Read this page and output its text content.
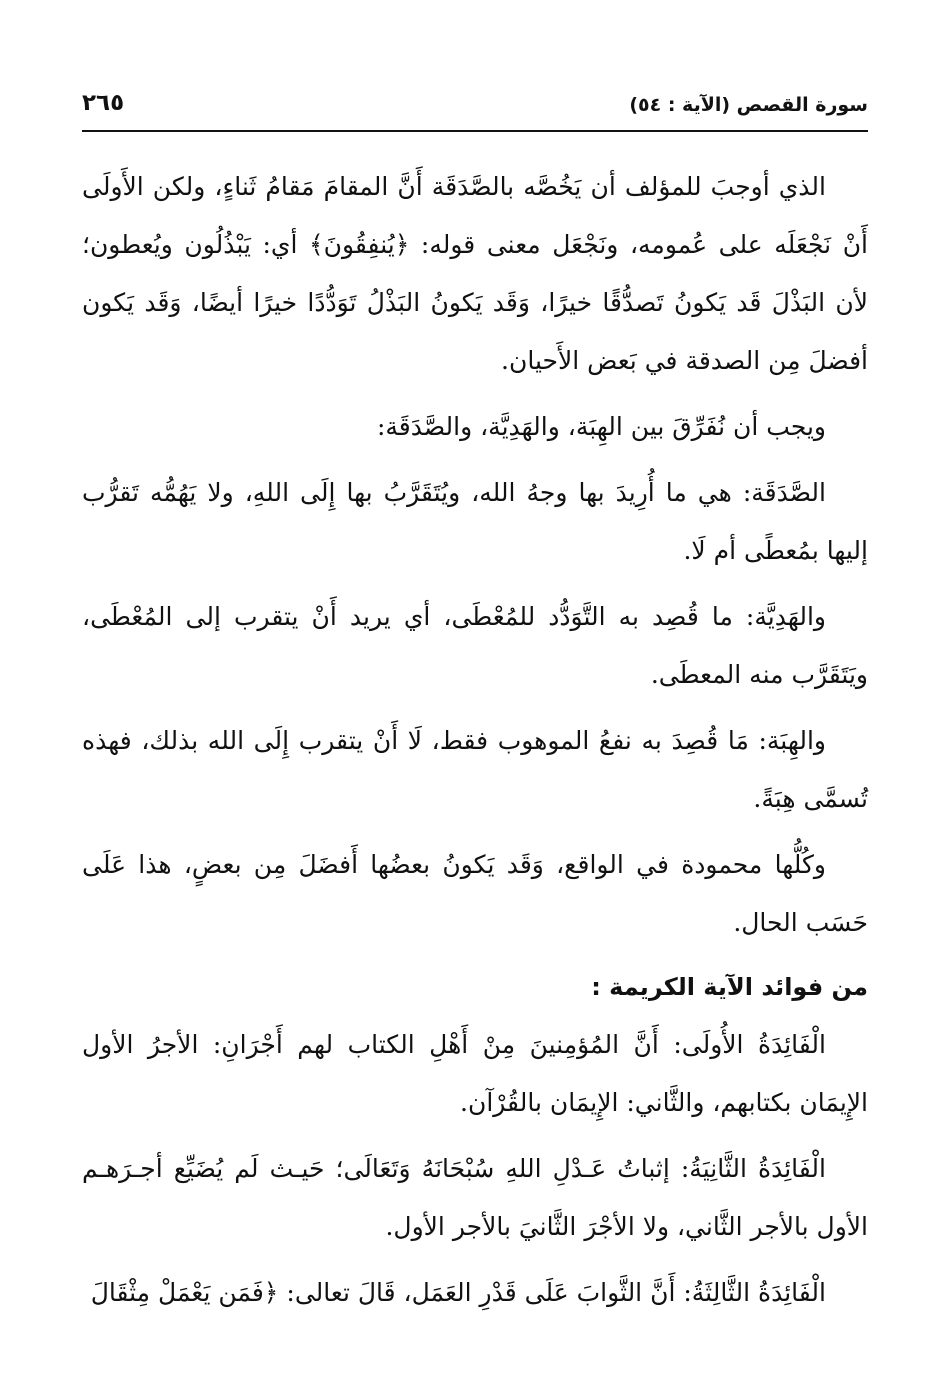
سورة القصص (الآية : ٥٤)
٢٦٥

الذي أوجبَ للمؤلف أن يَخُصَّه بالصَّدَقَة أَنَّ المقامَ مَقامُ ثَناءٍ، ولكن الأَولَى أَنْ نَجْعَلَه على عُمومه، ونَجْعَل معنى قوله: ﴿يُنفِقُونَ﴾ أي: يَبْذُلُون ويُعطون؛ لأن البَذْلَ قَد يَكونُ تَصدُّقًا خيرًا، وَقَد يَكونُ البَذْلُ تَوَدُّدًا خيرًا أيضًا، وَقَد يَكون أفضلَ مِن الصدقة في بَعض الأَحيان.

ويجب أن نُفَرِّقَ بين الهِبَة، والهَدِيَّة، والصَّدَقَة:

الصَّدَقَة: هي ما أُرِيدَ بها وجهُ الله، ويُتَقَرَّبُ بها إِلَى اللهِ، ولا يَهُمُّه تَقرُّب إليها بمُعطًى أم لَا.

والهَدِيَّة: ما قُصِد به التَّوَدُّد للمُعْطَى، أي يريد أَنْ يتقرب إلى المُعْطَى، ويَتَقَرَّب منه المعطَى.

والهِبَة: مَا قُصِدَ به نفعُ الموهوب فقط، لَا أَنْ يتقرب إِلَى الله بذلك، فهذه تُسمَّى هِبَةً.

وكُلُّها محمودة في الواقع، وَقَد يَكونُ بعضُها أَفضَلَ مِن بعضٍ، هذا عَلَى حَسَب الحال.

من فوائد الآية الكريمة :

الْفَائِدَةُ الأُولَى: أَنَّ المُؤمِنينَ مِنْ أَهْلِ الكتاب لهم أَجْرَانِ: الأجرُ الأول الإِيمَان بكتابهم، والثَّاني: الإِيمَان بالقُرْآن.

الْفَائِدَةُ الثَّانِيَةُ: إثباتُ عَـدْلِ اللهِ سُبْحَانَهُ وَتَعَالَى؛ حَيـث لَم يُضَيِّع أجـرَهـم الأول بالأجر الثَّاني، ولا الأجْرَ الثَّانيَ بالأجر الأول.

الْفَائِدَةُ الثَّالِثَةُ: أَنَّ الثَّوابَ عَلَى قَدْرِ العَمَل، قَالَ تعالى: ﴿فَمَن يَعْمَلْ مِثْقَالَ
